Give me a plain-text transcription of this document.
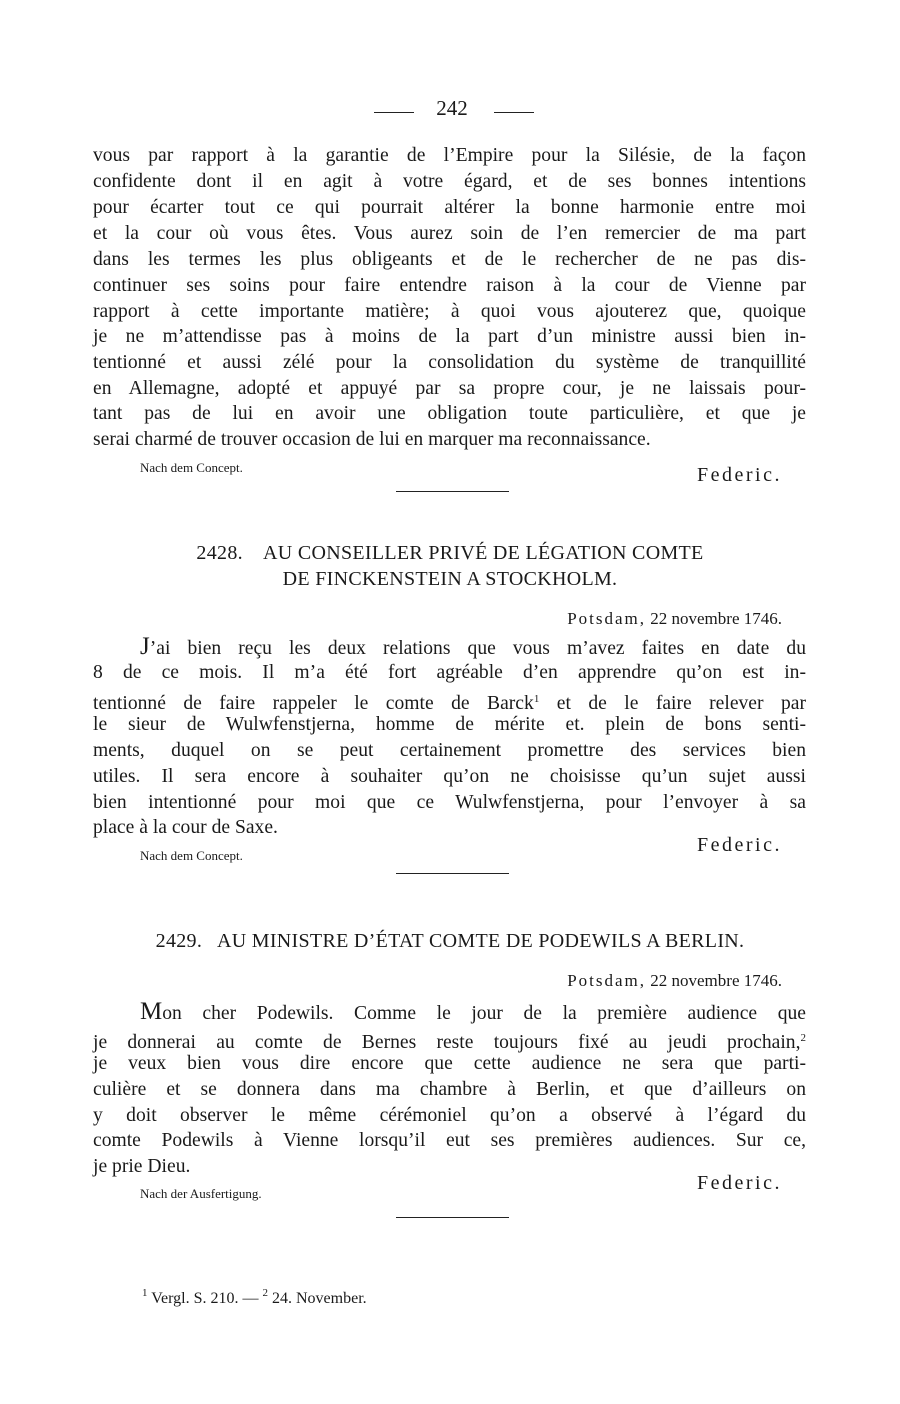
242
vous par rapport à la garantie de l’Empire pour la Silésie, de la façon
confidente dont il en agit à votre égard, et de ses bonnes intentions
pour écarter tout ce qui pourrait altérer la bonne harmonie entre moi
et la cour où vous êtes. Vous aurez soin de l’en remercier de ma part
dans les termes les plus obligeants et de le rechercher de ne pas dis-
continuer ses soins pour faire entendre raison à la cour de Vienne par
rapport à cette importante matière; à quoi vous ajouterez que, quoique
je ne m’attendisse pas à moins de la part d’un ministre aussi bien in-
tentionné et aussi zélé pour la consolidation du système de tranquillité
en Allemagne, adopté et appuyé par sa propre cour, je ne laissais pour-
tant pas de lui en avoir une obligation toute particulière, et que je
serai charmé de trouver occasion de lui en marquer ma reconnaissance.
Nach dem Concept.	Federic.
2428. AU CONSEILLER PRIVÉ DE LÉGATION COMTE
DE FINCKENSTEIN A STOCKHOLM.
Potsdam, 22 novembre 1746.
J’ai bien reçu les deux relations que vous m’avez faites en date du
8 de ce mois. Il m’a été fort agréable d’en apprendre qu’on est in-
tentionné de faire rappeler le comte de Barck$^1$ et de le faire relever par
le sieur de Wulwfenstjerna, homme de mérite et. plein de bons senti-
ments, duquel on se peut certainement promettre des services bien
utiles. Il sera encore à souhaiter qu’on ne choisisse qu’un sujet aussi
bien intentionné pour moi que ce Wulwfenstjerna, pour l’envoyer à sa
place à la cour de Saxe.
Federic.
Nach dem Concept.
2429. AU MINISTRE D’ÉTAT COMTE DE PODEWILS A BERLIN.
Potsdam, 22 novembre 1746.
Mon cher Podewils. Comme le jour de la première audience que
je donnerai au comte de Bernes reste toujours fixé au jeudi prochain,$^2$
je veux bien vous dire encore que cette audience ne sera que parti-
culière et se donnera dans ma chambre à Berlin, et que d’ailleurs on
y doit observer le même cérémoniel qu’on a observé à l’égard du
comte Podewils à Vienne lorsqu’il eut ses premières audiences. Sur ce,
je prie Dieu.
Federic.
Nach der Ausfertigung.
$^1$ Vergl. S. 210. — $^2$ 24. November.
